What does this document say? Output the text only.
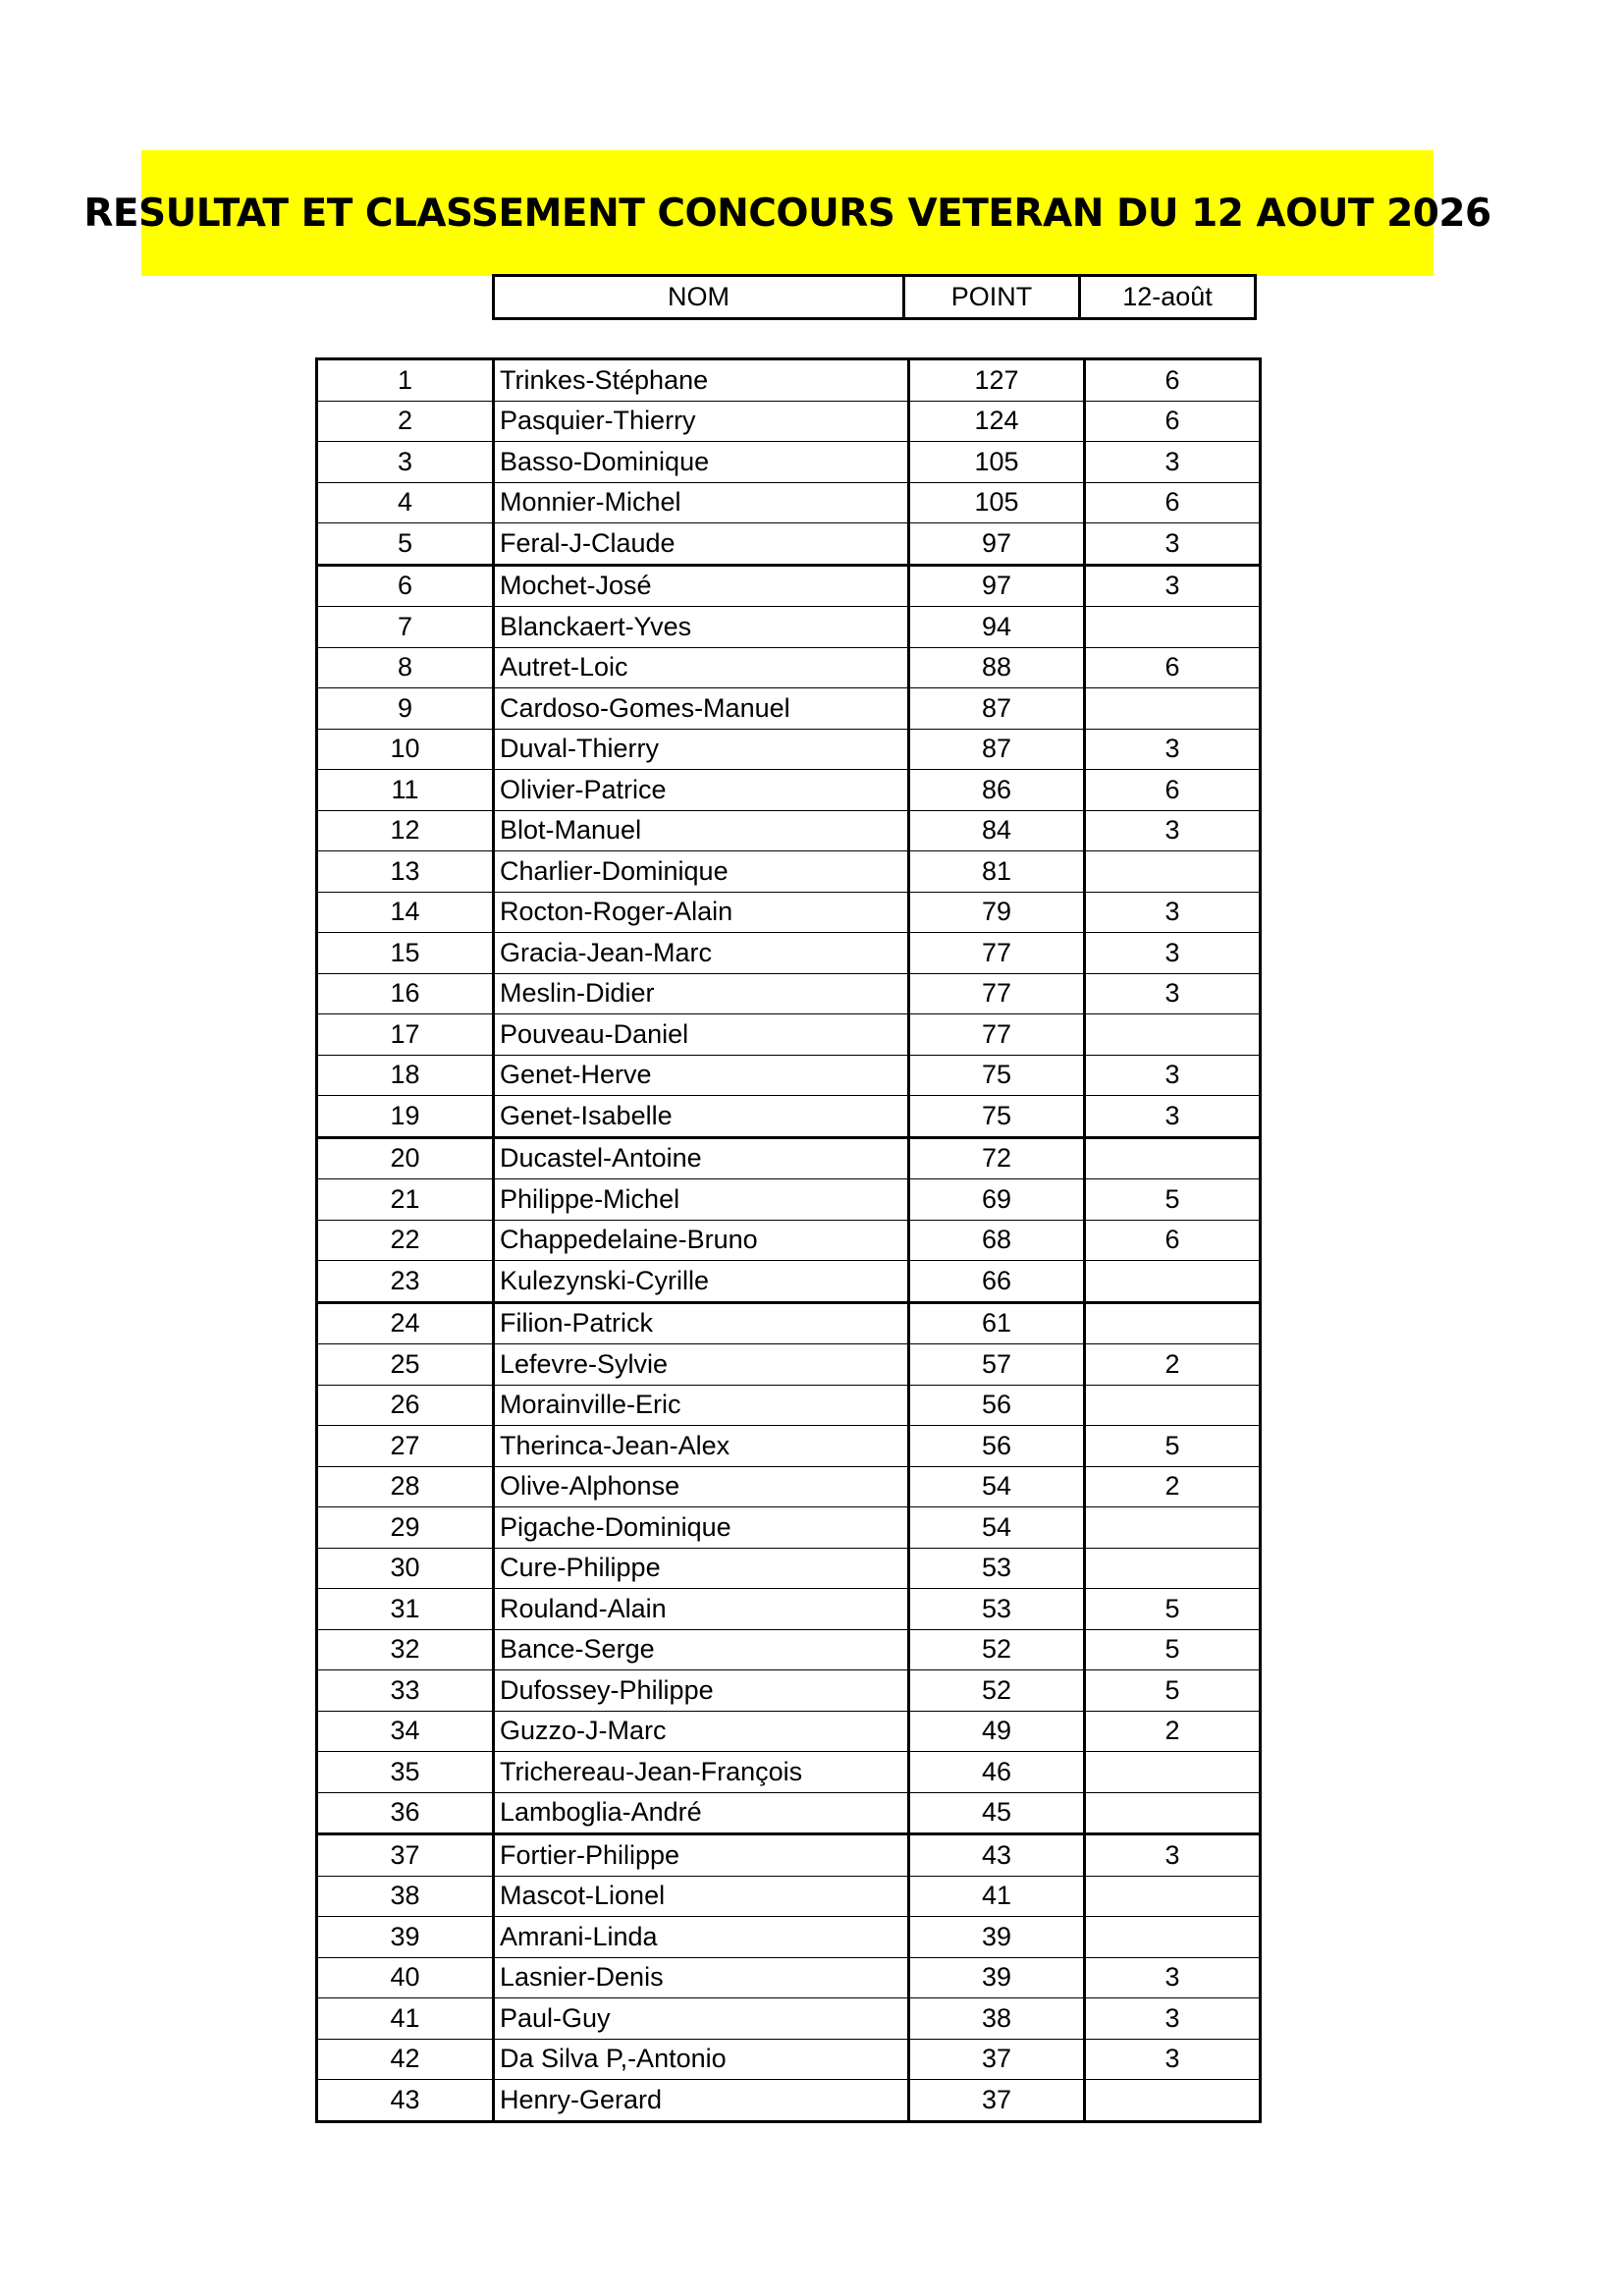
RESULTAT ET CLASSEMENT CONCOURS VETERAN DU 12 AOUT 2026
NOM	POINT	12-août
1	Trinkes-Stéphane	127	6
2	Pasquier-Thierry	124	6
3	Basso-Dominique	105	3
4	Monnier-Michel	105	6
5	Feral-J-Claude	97	3
6	Mochet-José	97	3
7	Blanckaert-Yves	94	
8	Autret-Loic	88	6
9	Cardoso-Gomes-Manuel	87	
10	Duval-Thierry	87	3
11	Olivier-Patrice	86	6
12	Blot-Manuel	84	3
13	Charlier-Dominique	81	
14	Rocton-Roger-Alain	79	3
15	Gracia-Jean-Marc	77	3
16	Meslin-Didier	77	3
17	Pouveau-Daniel	77	
18	Genet-Herve	75	3
19	Genet-Isabelle	75	3
20	Ducastel-Antoine	72	
21	Philippe-Michel	69	5
22	Chappedelaine-Bruno	68	6
23	Kulezynski-Cyrille	66	
24	Filion-Patrick	61	
25	Lefevre-Sylvie	57	2
26	Morainville-Eric	56	
27	Therinca-Jean-Alex	56	5
28	Olive-Alphonse	54	2
29	Pigache-Dominique	54	
30	Cure-Philippe	53	
31	Rouland-Alain	53	5
32	Bance-Serge	52	5
33	Dufossey-Philippe	52	5
34	Guzzo-J-Marc	49	2
35	Trichereau-Jean-François	46	
36	Lamboglia-André	45	
37	Fortier-Philippe	43	3
38	Mascot-Lionel	41	
39	Amrani-Linda	39	
40	Lasnier-Denis	39	3
41	Paul-Guy	38	3
42	Da Silva P,-Antonio	37	3
43	Henry-Gerard	37	
